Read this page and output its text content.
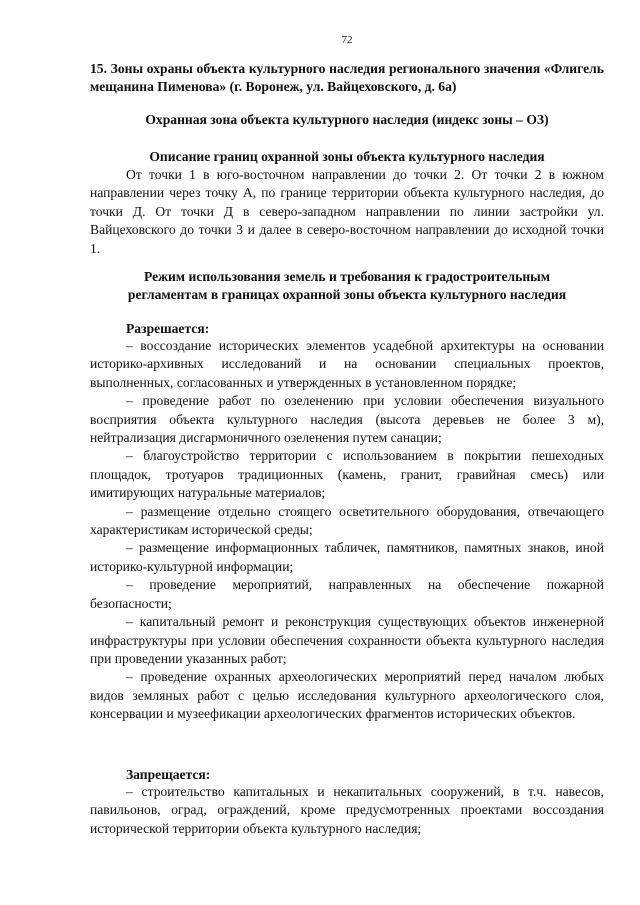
72
15. Зоны охраны объекта культурного наследия регионального значения «Флигель мещанина Пименова» (г. Воронеж, ул. Вайцеховского, д. 6а)
Охранная зона объекта культурного наследия (индекс зоны – ОЗ)
Описание границ охранной зоны объекта культурного наследия

От точки 1 в юго-восточном направлении до точки 2. От точки 2 в южном направлении через точку А, по границе территории объекта культурного наследия, до точки Д. От точки Д в северо-западном направлении по линии застройки ул. Вайцеховского до точки 3 и далее в северо-восточном направлении до исходной точки 1.

Режим использования земель и требования к градостроительным
регламентам в границах охранной зоны объекта культурного наследия
Разрешается:
– воссоздание исторических элементов усадебной архитектуры на основании историко-архивных исследований и на основании специальных проектов, выполненных, согласованных и утвержденных в установленном порядке;
– проведение работ по озеленению при условии обеспечения визуального восприятия объекта культурного наследия (высота деревьев не более 3 м), нейтрализация дисгармоничного озеленения путем санации;
– благоустройство территории с использованием в покрытии пешеходных площадок, тротуаров традиционных (камень, гранит, гравийная смесь) или имитирующих натуральные материалов;
– размещение отдельно стоящего осветительного оборудования, отвечающего характеристикам исторической среды;
– размещение информационных табличек, памятников, памятных знаков, иной историко-культурной информации;
– проведение мероприятий, направленных на обеспечение пожарной безопасности;
– капитальный ремонт и реконструкция существующих объектов инженерной инфраструктуры при условии обеспечения сохранности объекта культурного наследия при проведении указанных работ;
– проведение охранных археологических мероприятий перед началом любых видов земляных работ с целью исследования культурного археологического слоя, консервации и музеефикации археологических фрагментов исторических объектов.
Запрещается:
– строительство капитальных и некапитальных сооружений, в т.ч. навесов, павильонов, оград, ограждений, кроме предусмотренных проектами воссоздания исторической территории объекта культурного наследия;
